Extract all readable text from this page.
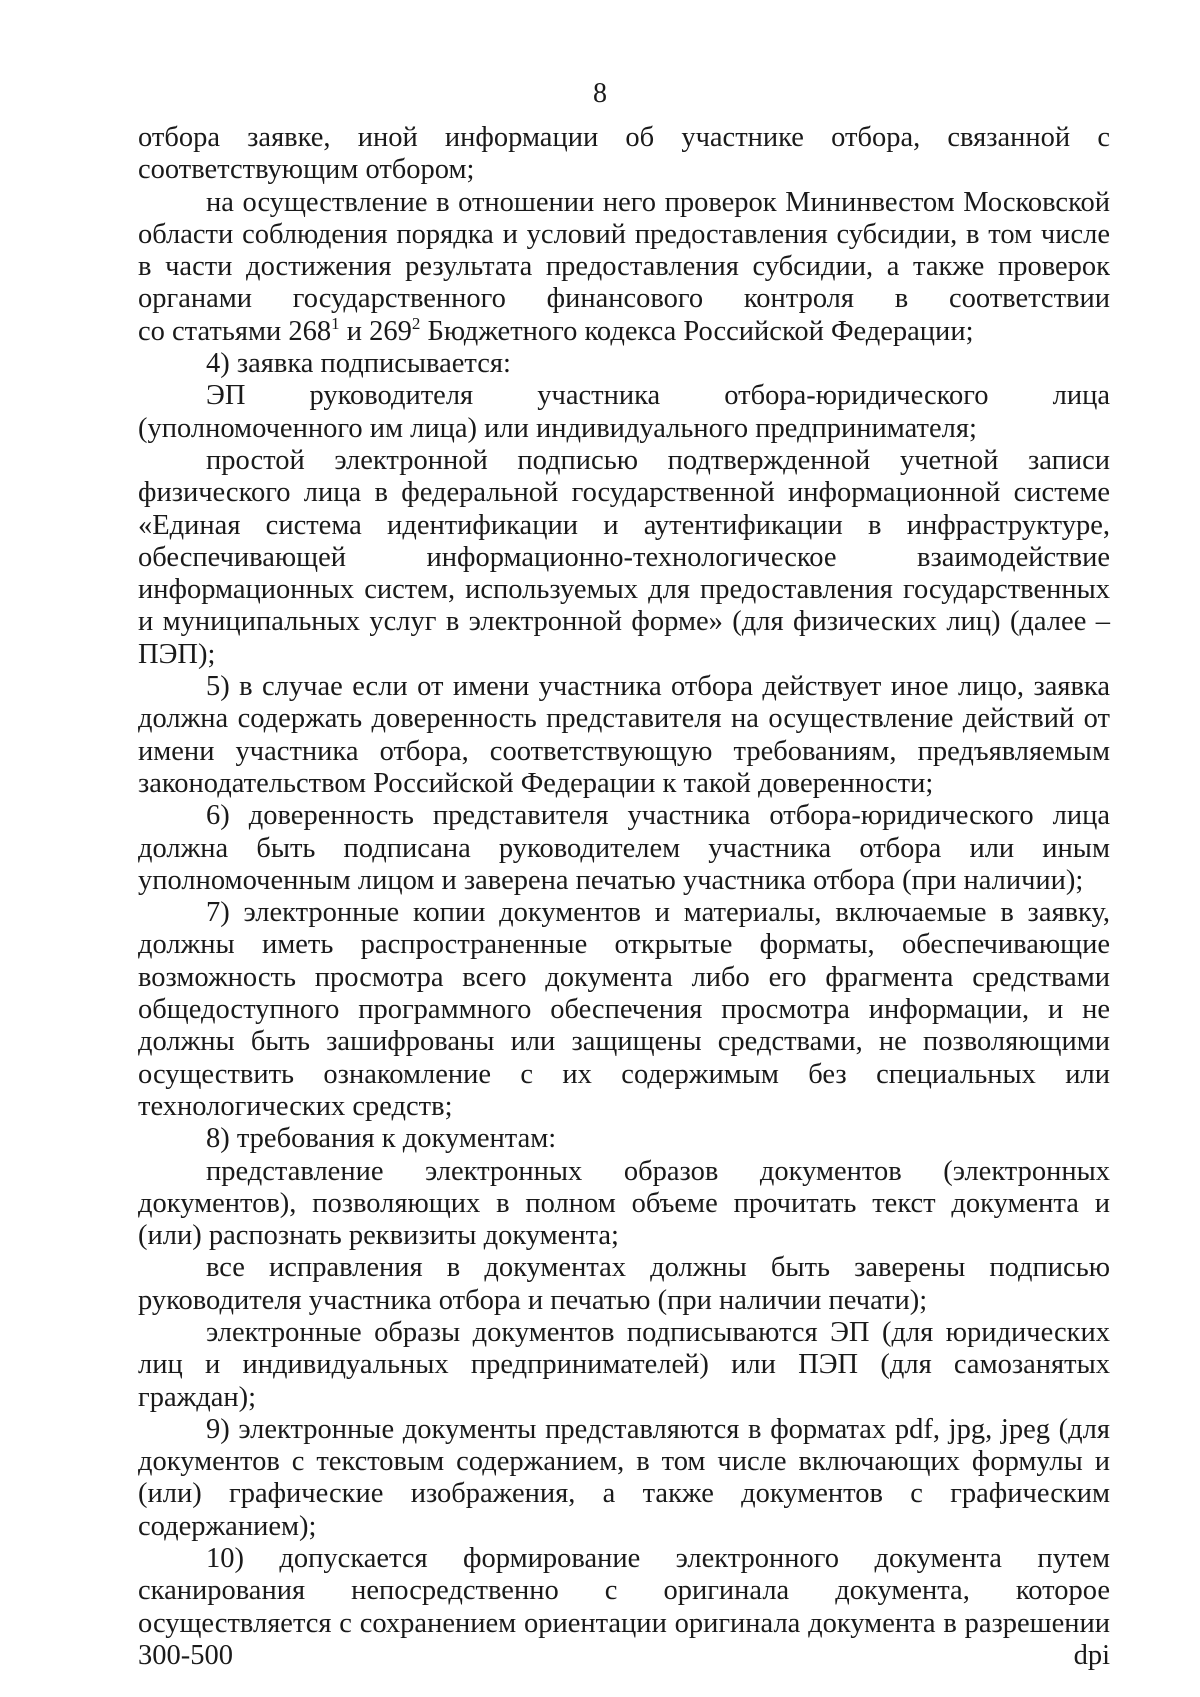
8

отбора заявке, иной информации об участнике отбора, связанной с соответствующим отбором;

на осуществление в отношении него проверок Мининвестом Московской области соблюдения порядка и условий предоставления субсидии, в том числе в части достижения результата предоставления субсидии, а также проверок органами государственного финансового контроля в соответствии

со статьями $268^1$ и $269^2$ Бюджетного кодекса Российской Федерации;

4) заявка подписывается:

ЭП руководителя участника отбора-юридического лица (уполномоченного им лица) или индивидуального предпринимателя;

простой электронной подписью подтвержденной учетной записи физического лица в федеральной государственной информационной системе «Единая система идентификации и аутентификации в инфраструктуре, обеспечивающей информационно-технологическое взаимодействие информационных систем, используемых для предоставления государственных и муниципальных услуг в электронной форме» (для физических лиц) (далее – ПЭП);

5) в случае если от имени участника отбора действует иное лицо, заявка должна содержать доверенность представителя на осуществление действий от имени участника отбора, соответствующую требованиям, предъявляемым законодательством Российской Федерации к такой доверенности;

6) доверенность представителя участника отбора-юридического лица должна быть подписана руководителем участника отбора или иным уполномоченным лицом и заверена печатью участника отбора (при наличии);

7) электронные копии документов и материалы, включаемые в заявку, должны иметь распространенные открытые форматы, обеспечивающие возможность просмотра всего документа либо его фрагмента средствами общедоступного программного обеспечения просмотра информации, и не должны быть зашифрованы или защищены средствами, не позволяющими осуществить ознакомление с их содержимым без специальных или технологических средств;

8) требования к документам:

представление электронных образов документов (электронных документов), позволяющих в полном объеме прочитать текст документа и (или) распознать реквизиты документа;

все исправления в документах должны быть заверены подписью руководителя участника отбора и печатью (при наличии печати);

электронные образы документов подписываются ЭП (для юридических лиц и индивидуальных предпринимателей) или ПЭП (для самозанятых граждан);

9) электронные документы представляются в форматах pdf, jpg, jpeg (для документов с текстовым содержанием, в том числе включающих формулы и (или) графические изображения, а также документов с графическим содержанием);

10) допускается формирование электронного документа путем сканирования непосредственно с оригинала документа, которое осуществляется с сохранением ориентации оригинала документа в разрешении 300-500 dpi
